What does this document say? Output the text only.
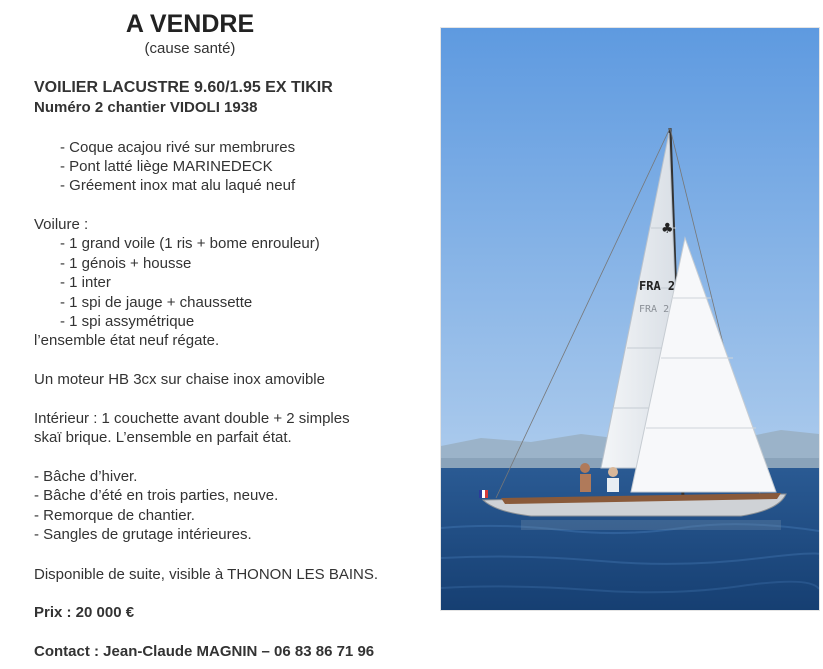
A VENDRE
(cause santé)
VOILIER LACUSTRE 9.60/1.95 EX TIKIR
Numéro 2 chantier VIDOLI 1938
- Coque acajou rivé sur membrures
- Pont latté liège MARINEDECK
- Gréement inox mat alu laqué neuf
Voilure :
- 1 grand voile (1 ris + bome enrouleur)
- 1 génois + housse
- 1 inter
- 1 spi de jauge + chaussette
- 1 spi assymétrique
l’ensemble état neuf régate.
Un moteur HB 3cx sur chaise inox amovible
Intérieur : 1 couchette avant double + 2 simples
skaï brique. L’ensemble en parfait état.
- Bâche d’hiver.
- Bâche d’été en trois parties, neuve.
- Remorque de chantier.
- Sangles de grutage intérieures.
Disponible de suite, visible à THONON LES BAINS.
Prix : 20 000 €
Contact : Jean-Claude MAGNIN – 06 83 86 71 96
♣
FRA 2
FRA 2
